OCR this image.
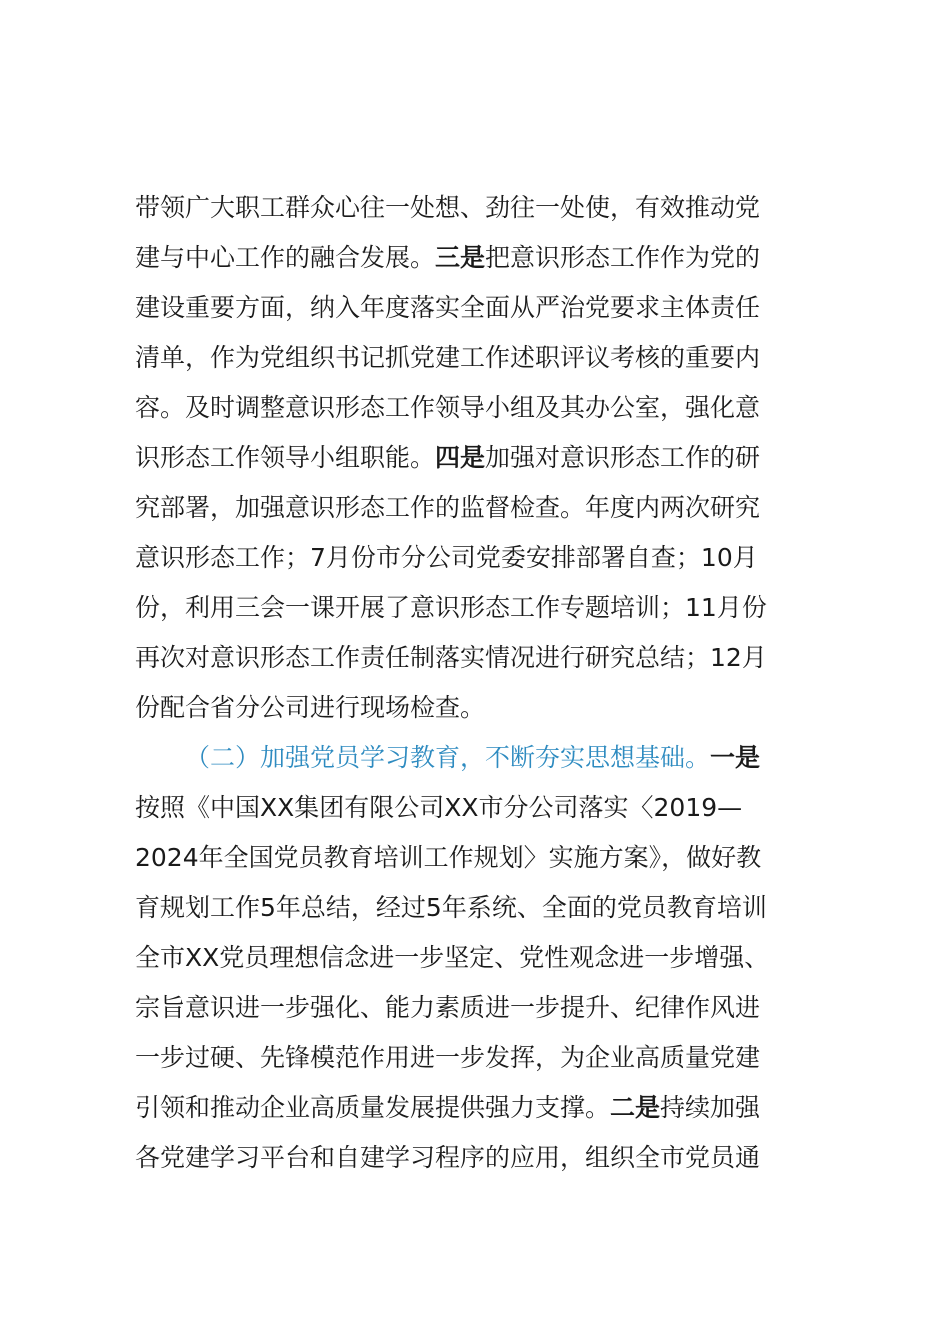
带领广大职工群众心往一处想、劲往一处使，有效推动党
建与中心工作的融合发展。三是把意识形态工作作为党的
建设重要方面，纳入年度落实全面从严治党要求主体责任
清单，作为党组织书记抓党建工作述职评议考核的重要内
容。及时调整意识形态工作领导小组及其办公室，强化意
识形态工作领导小组职能。四是加强对意识形态工作的研
究部署，加强意识形态工作的监督检查。年度内两次研究
意识形态工作；7月份市分公司党委安排部署自查；10月
份，利用三会一课开展了意识形态工作专题培训；11月份
再次对意识形态工作责任制落实情况进行研究总结；12月
份配合省分公司进行现场检查。
（二）加强党员学习教育，不断夯实思想基础。一是
按照《中国XX集团有限公司XX市分公司落实〈2019—
2024年全国党员教育培训工作规划〉实施方案》，做好教
育规划工作5年总结，经过5年系统、全面的党员教育培训
全市XX党员理想信念进一步坚定、党性观念进一步增强、
宗旨意识进一步强化、能力素质进一步提升、纪律作风进
一步过硬、先锋模范作用进一步发挥，为企业高质量党建
引领和推动企业高质量发展提供强力支撑。二是持续加强
各党建学习平台和自建学习程序的应用，组织全市党员通
